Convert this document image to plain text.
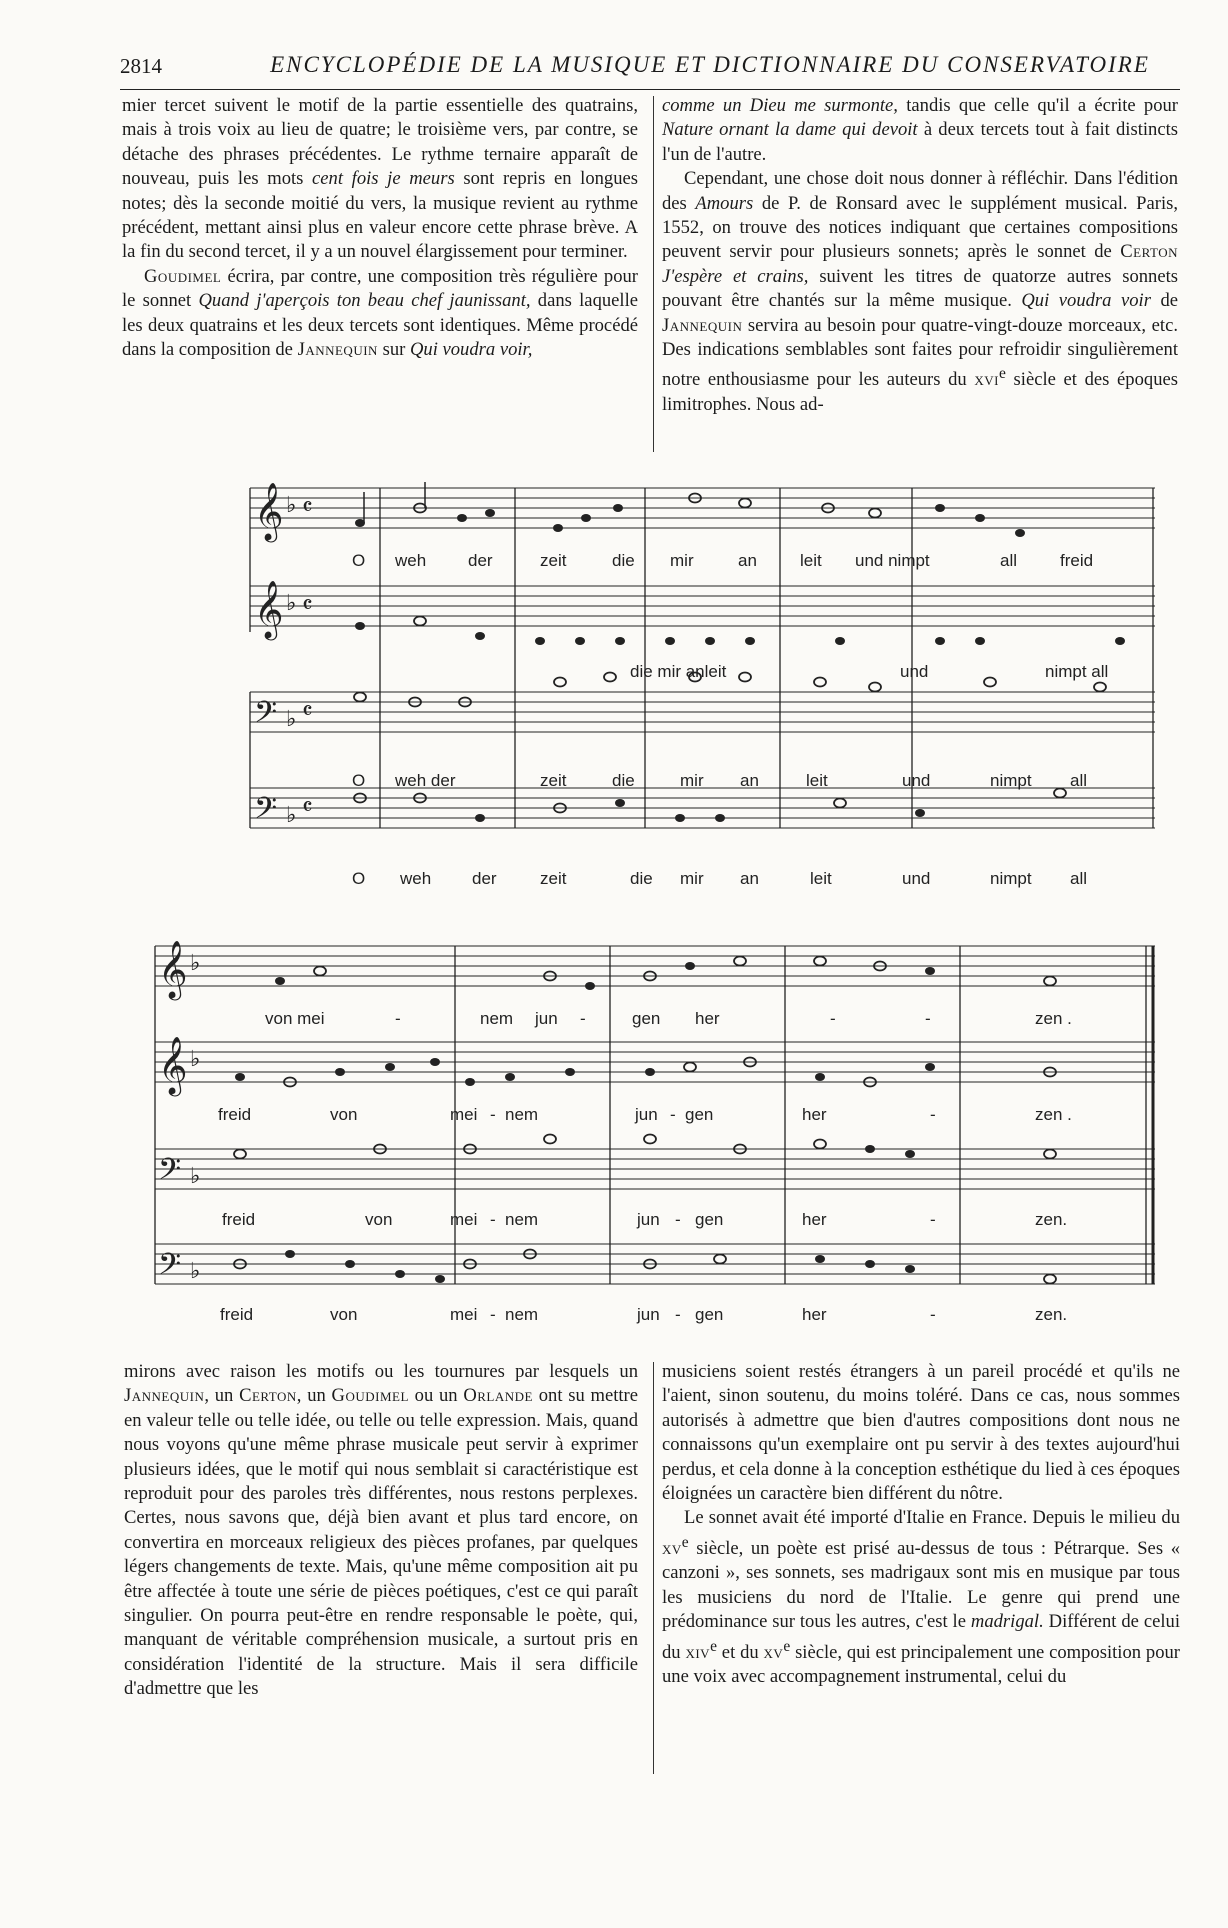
2814	ENCYCLOPÉDIE DE LA MUSIQUE ET DICTIONNAIRE DU CONSERVATOIRE

mier tercet suivent le motif de la partie essentielle des quatrains, mais à trois voix au lieu de quatre; le troisième vers, par contre, se détache des phrases précédentes. Le rythme ternaire apparaît de nouveau, puis les mots cent fois je meurs sont repris en longues notes; dès la seconde moitié du vers, la musique revient au rythme précédent, mettant ainsi plus en valeur encore cette phrase brève. A la fin du second tercet, il y a un nouvel élargissement pour terminer.

Goudimel écrira, par contre, une composition très régulière pour le sonnet Quand j'aperçois ton beau chef jaunissant, dans laquelle les deux quatrains et les deux tercets sont identiques. Même procédé dans la composition de Jannequin sur Qui voudra voir,

comme un Dieu me surmonte, tandis que celle qu'il a écrite pour Nature ornant la dame qui devoit à deux tercets tout à fait distincts l'un de l'autre.

Cependant, une chose doit nous donner à réfléchir. Dans l'édition des Amours de P. de Ronsard avec le supplément musical. Paris, 1552, on trouve des notices indiquant que certaines compositions peuvent servir pour plusieurs sonnets; après le sonnet de Certon J'espère et crains, suivent les titres de quatorze autres sonnets pouvant être chantés sur la même musique. Qui voudra voir de Jannequin servira au besoin pour quatre-vingt-douze morceaux, etc. Des indications semblables sont faites pour refroidir singulièrement notre enthousiasme pour les auteurs du xvi$^e$ siècle et des époques limitrophes. Nous ad-

𝄞
𝄞
𝄢
𝄢
♭
♭
♭
♭
𝄴
𝄴
𝄴
𝄴
O weh der	zeit	die mir	an	leit und nimpt	all	freid
die mir anleit	und	nimpt all
O weh der	zeit	die	mir an	leit	und	nimpt all
O weh der	zeit	die mir an	leit	und	nimpt all
𝄞
𝄞
𝄢
𝄢
♭
♭
♭
♭
von mei	-	nem jun -	gen her	-	-	zen .
freid	von	mei - nem	jun - gen	her	-	zen .
freid	von	mei - nem	jun - gen	her	-	zen.
freid	von	mei - nem	jun - gen	her	-	zen.

mirons avec raison les motifs ou les tournures par lesquels un Jannequin, un Certon, un Goudimel ou un Orlande ont su mettre en valeur telle ou telle idée, ou telle ou telle expression. Mais, quand nous voyons qu'une même phrase musicale peut servir à exprimer plusieurs idées, que le motif qui nous semblait si caractéristique est reproduit pour des paroles très différentes, nous restons perplexes. Certes, nous savons que, déjà bien avant et plus tard encore, on convertira en morceaux religieux des pièces profanes, par quelques légers changements de texte. Mais, qu'une même composition ait pu être affectée à toute une série de pièces poétiques, c'est ce qui paraît singulier. On pourra peut-être en rendre responsable le poète, qui, manquant de véritable compréhension musicale, a surtout pris en considération l'identité de la structure. Mais il sera difficile d'admettre que les

musiciens soient restés étrangers à un pareil procédé et qu'ils ne l'aient, sinon soutenu, du moins toléré. Dans ce cas, nous sommes autorisés à admettre que bien d'autres compositions dont nous ne connaissons qu'un exemplaire ont pu servir à des textes aujourd'hui perdus, et cela donne à la conception esthétique du lied à ces époques éloignées un caractère bien différent du nôtre.

Le sonnet avait été importé d'Italie en France. Depuis le milieu du $xv^e$ siècle, un poète est prisé au-dessus de tous : Pétrarque. Ses « canzoni », ses sonnets, ses madrigaux sont mis en musique par tous les musiciens du nord de l'Italie. Le genre qui prend une prédominance sur tous les autres, c'est le madrigal. Différent de celui du xiv$^e$ et du $xv^e$ siècle, qui est principalement une composition pour une voix avec accompagnement instrumental, celui du
